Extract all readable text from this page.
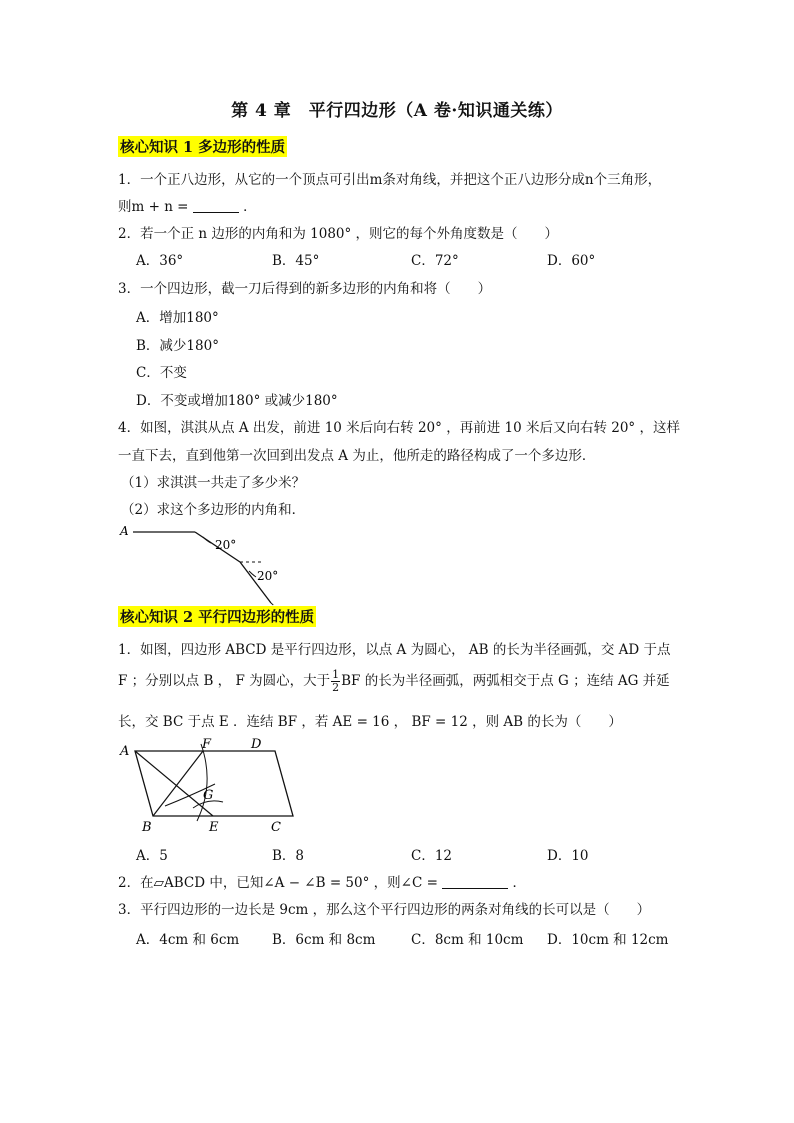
第 4 章　平行四边形（A 卷·知识通关练）
核心知识 1 多边形的性质
1．一个正八边形，从它的一个顶点可引出m条对角线，并把这个正八边形分成n个三角形，
则m + n =	．
2．若一个正 n 边形的内角和为 1080° ，则它的每个外角度数是（　　）
A．36°	B．45°	C．72°	D．60°
3．一个四边形，截一刀后得到的新多边形的内角和将（　　）
A．增加180°
B．减少180°
C．不变
D．不变或增加180° 或减少180°
4．如图，淇淇从点 A 出发，前进 10 米后向右转 20° ，再前进 10 米后又向右转 20° ，这样
一直下去，直到他第一次回到出发点 A 为止，他所走的路径构成了一个多边形．
（1）求淇淇一共走了多少米？
（2）求这个多边形的内角和．
A
20°
20°
核心知识 2 平行四边形的性质
1．如图，四边形 ABCD 是平行四边形，以点 A 为圆心， AB 的长为半径画弧，交 AD 于点
F ；分别以点 B ， F 为圆心，大于 $\frac{1}{2}$ BF 的长为半径画弧，两弧相交于点 G ；连结 AG 并延
长，交 BC 于点 E ．连结 BF ，若 AE = 16 ， BF = 12 ，则 AB 的长为（　　）
A
B	C
D
E
F
G
A．5	B．8	C．12	D．10
2．在▱ABCD 中，已知∠A − ∠B = 50° ，则∠C =	．
3．平行四边形的一边长是 9cm ，那么这个平行四边形的两条对角线的长可以是（　　）
A．4cm 和 6cm B．6cm 和 8cm	C．8cm 和 10cm D．10cm 和 12cm
